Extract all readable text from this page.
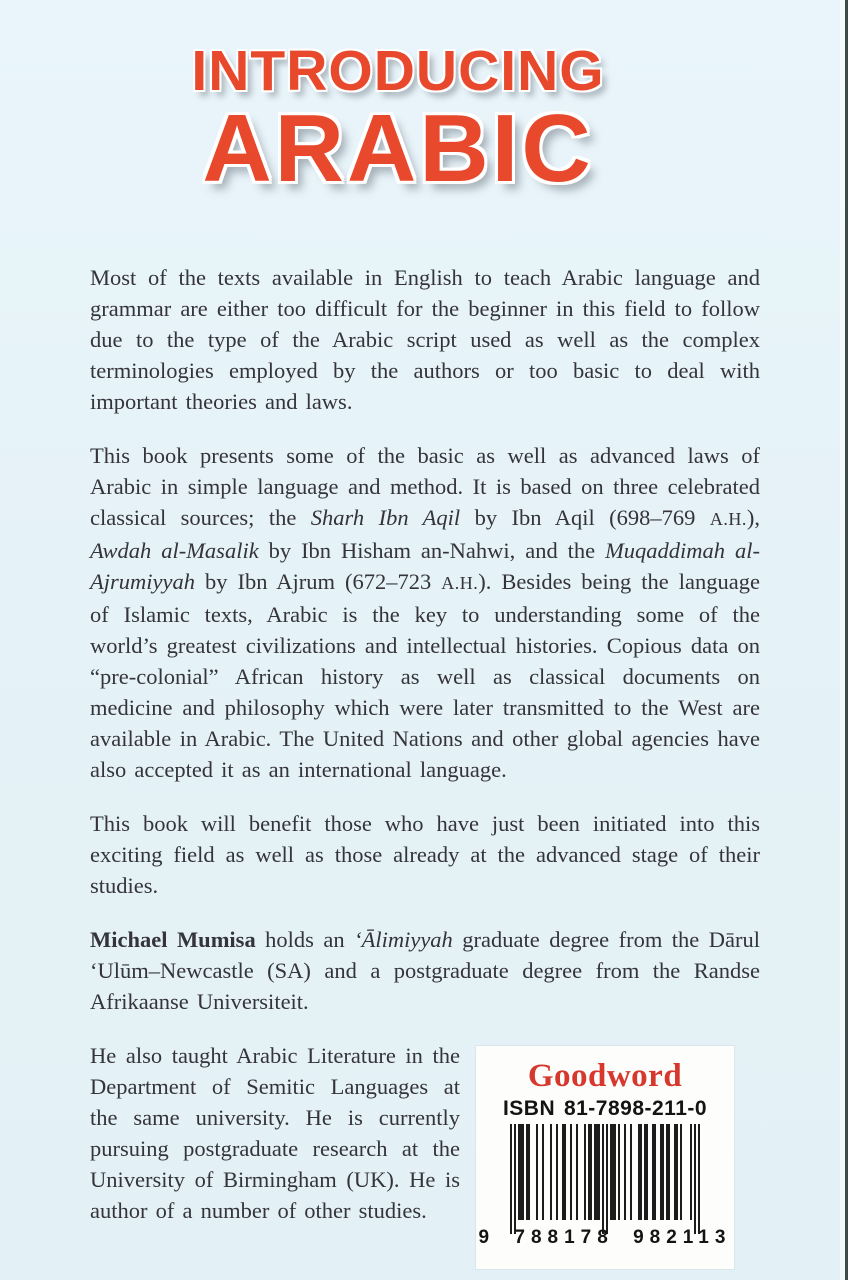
INTRODUCING
ARABIC

Most of the texts available in English to teach Arabic language and grammar are either too difficult for the beginner in this field to follow due to the type of the Arabic script used as well as the complex terminologies employed by the authors or too basic to deal with important theories and laws.

This book presents some of the basic as well as advanced laws of Arabic in simple language and method. It is based on three celebrated classical sources; the Sharh Ibn Aqil by Ibn Aqil (698–769 A.H.), Awdah al-Masalik by Ibn Hisham an-Nahwi, and the Muqaddimah al-Ajrumiyyah by Ibn Ajrum (672–723 A.H.). Besides being the language of Islamic texts, Arabic is the key to understanding some of the world’s greatest civilizations and intellectual histories. Copious data on “pre-colonial” African history as well as classical documents on medicine and philosophy which were later transmitted to the West are available in Arabic. The United Nations and other global agencies have also accepted it as an international language.

This book will benefit those who have just been initiated into this exciting field as well as those already at the advanced stage of their studies.

Michael Mumisa holds an ‘Ālimiyyah graduate degree from the Dārul ‘Ulūm–Newcastle (SA) and a postgraduate degree from the Randse Afrikaanse Universiteit.

Goodword
ISBN 81-7898-211-0
9 788178 982113

He also taught Arabic Literature in the Department of Semitic Languages at the same university. He is currently pursuing postgraduate research at the University of Birmingham (UK). He is author of a number of other studies.
